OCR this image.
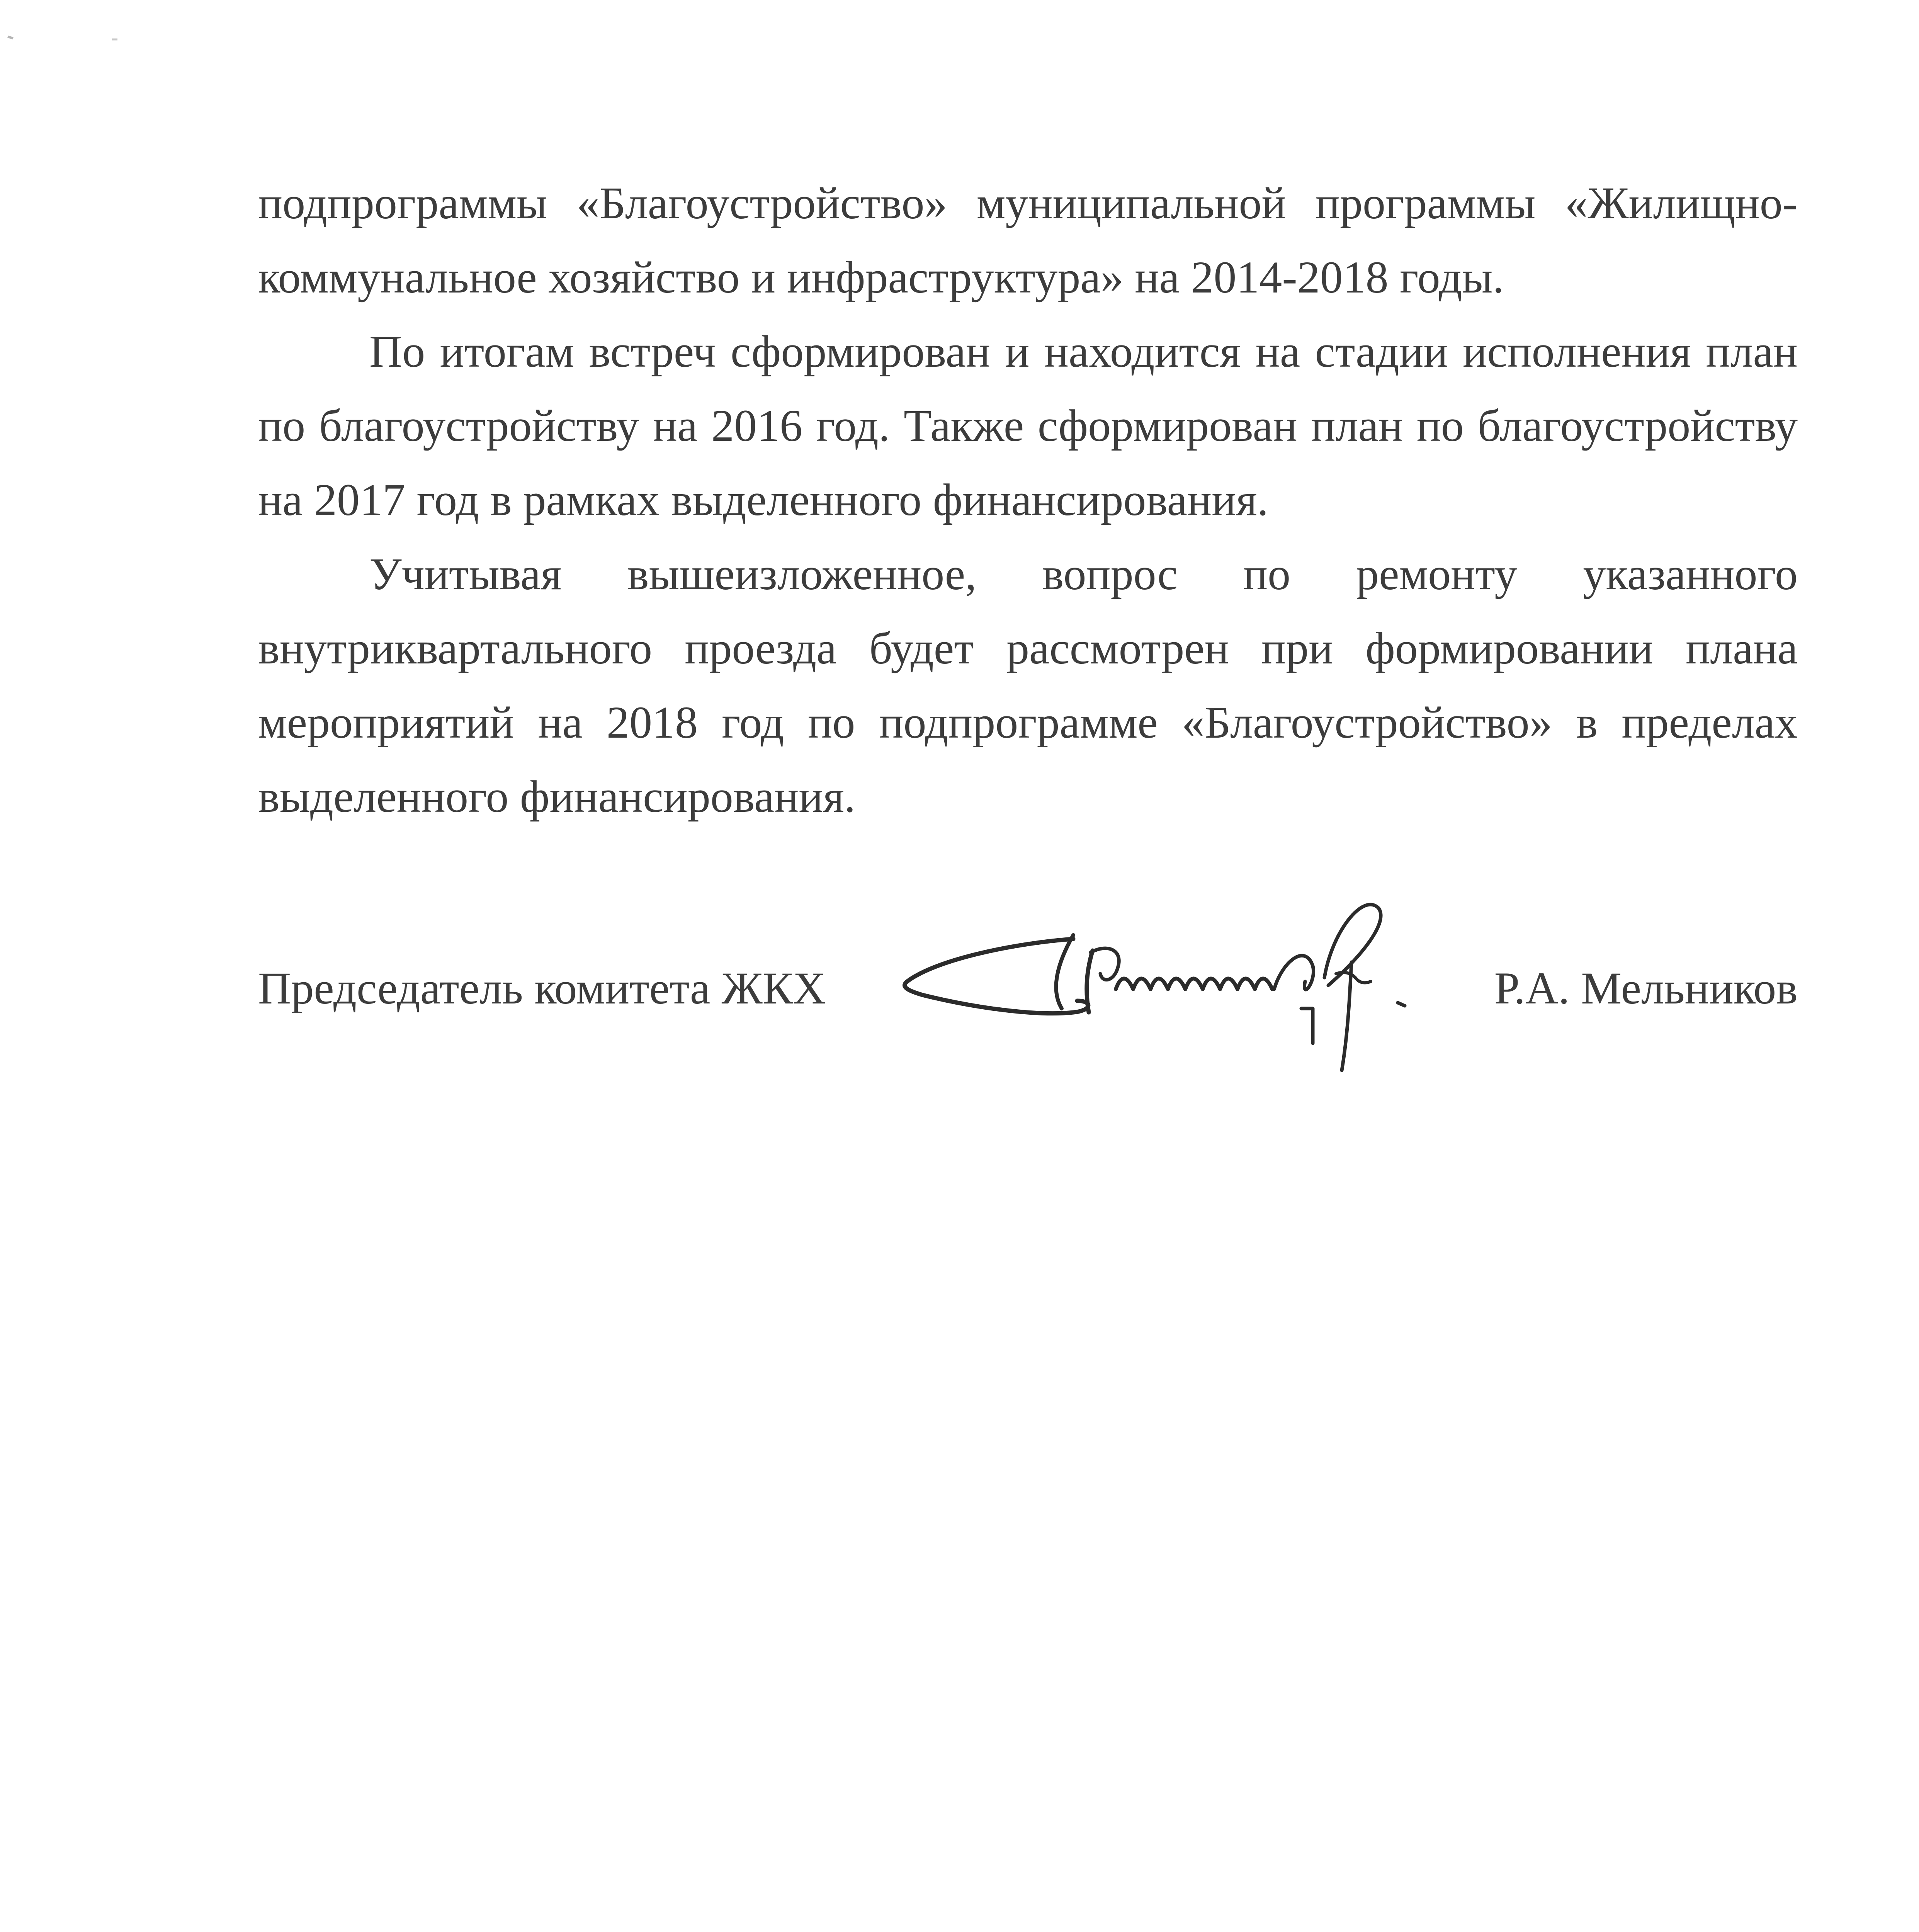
подпрограммы «Благоустройство» муниципальной программы «Жилищно-коммунальное хозяйство и инфраструктура» на 2014-2018 годы.

По итогам встреч сформирован и находится на стадии исполнения план по благоустройству на 2016 год. Также сформирован план по благоустройству на 2017 год в рамках выделенного финансирования.

Учитывая вышеизложенное, вопрос по ремонту указанного внутриквартального проезда будет рассмотрен при формировании плана мероприятий на 2018 год по подпрограмме «Благоустройство» в пределах выделенного финансирования.

Председатель комитета ЖКХ	Р.А. Мельников
